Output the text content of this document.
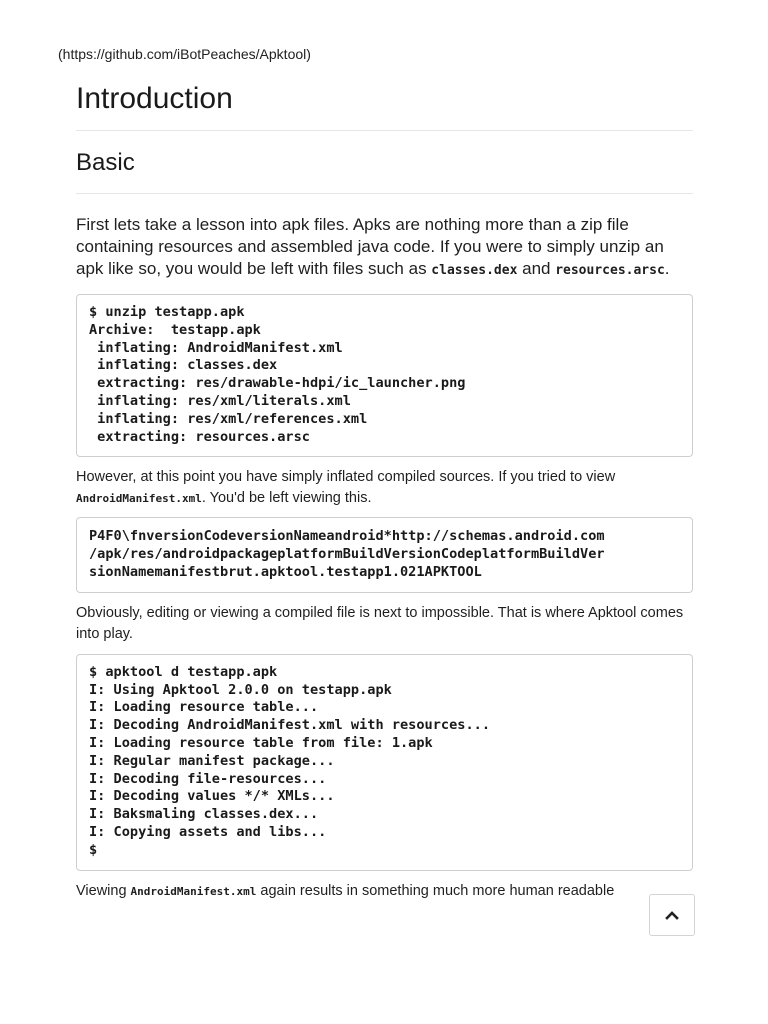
(https://github.com/iBotPeaches/Apktool)
Introduction
Basic

First lets take a lesson into apk files. Apks are nothing more than a zip file containing resources and assembled java code. If you were to simply unzip an apk like so, you would be left with files such as classes.dex and resources.arsc.

$ unzip testapp.apk
Archive:  testapp.apk
inflating: AndroidManifest.xml
inflating: classes.dex
extracting: res/drawable-hdpi/ic_launcher.png
inflating: res/xml/literals.xml
inflating: res/xml/references.xml
extracting: resources.arsc

However, at this point you have simply inflated compiled sources. If you tried to view AndroidManifest.xml. You'd be left viewing this.

P4F0\fnversionCodeversionNameandroid*http://schemas.android.com
/apk/res/androidpackageplatformBuildVersionCodeplatformBuildVer
sionNamemanifestbrut.apktool.testapp1.021APKTOOL

Obviously, editing or viewing a compiled file is next to impossible. That is where Apktool comes into play.

$ apktool d testapp.apk
I: Using Apktool 2.0.0 on testapp.apk
I: Loading resource table...
I: Decoding AndroidManifest.xml with resources...
I: Loading resource table from file: 1.apk
I: Regular manifest package...
I: Decoding file-resources...
I: Decoding values */* XMLs...
I: Baksmaling classes.dex...
I: Copying assets and libs...
$

Viewing AndroidManifest.xml again results in something much more human readable
